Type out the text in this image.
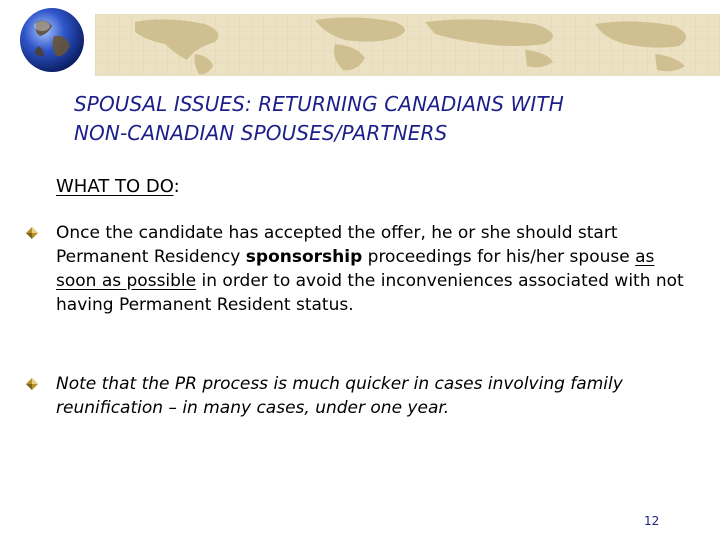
SPOUSAL ISSUES: RETURNING CANADIANS WITH
NON-CANADIAN SPOUSES/PARTNERS
WHAT TO DO:
Once the candidate has accepted the offer, he or she should start Permanent Residency sponsorship proceedings for his/her spouse as soon as possible in order to avoid the inconveniences associated with not having Permanent Resident status.
Note that the PR process is much quicker in cases involving family reunification – in many cases, under one year.
12
